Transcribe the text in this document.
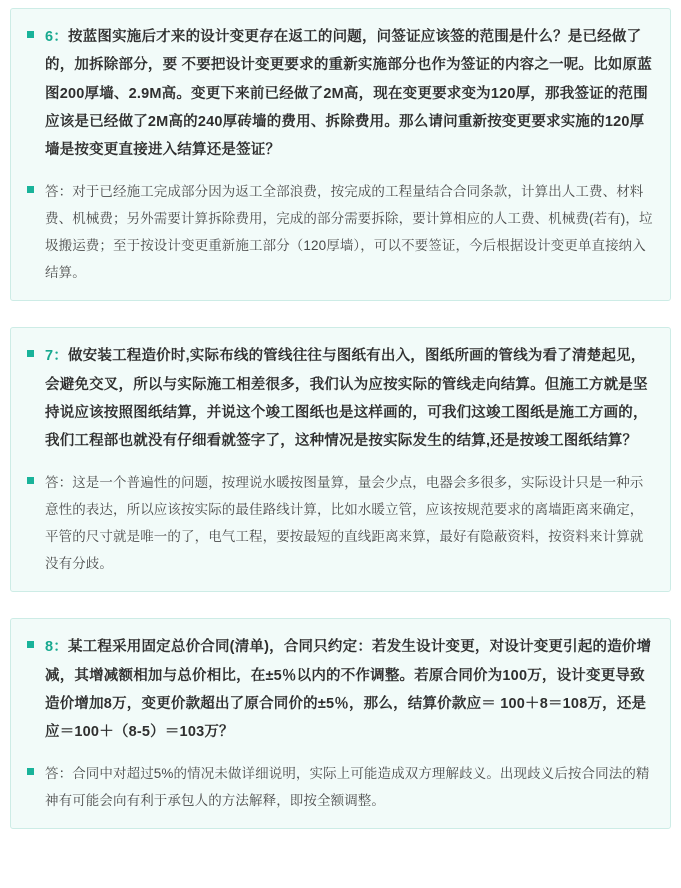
6：按蓝图实施后才来的设计变更存在返工的问题，问签证应该签的范围是什么？是已经做了的，加拆除部分，要 不要把设计变更要求的重新实施部分也作为签证的内容之一呢。比如原蓝图200厚墙、2.9M高。变更下来前已经做了2M高，现在变更要求变为120厚，那我签证的范围应该是已经做了2M高的240厚砖墙的费用、拆除费用。那么请问重新按变更要求实施的120厚墙是按变更直接进入结算还是签证？
答：对于已经施工完成部分因为返工全部浪费，按完成的工程量结合合同条款，计算出人工费、材料费、机械费；另外需要计算拆除费用，完成的部分需要拆除，要计算相应的人工费、机械费(若有)，垃圾搬运费；至于按设计变更重新施工部分（120厚墙），可以不要签证，今后根据设计变更单直接纳入结算。
7：做安装工程造价时,实际布线的管线往往与图纸有出入，图纸所画的管线为看了清楚起见，会避免交叉，所以与实际施工相差很多，我们认为应按实际的管线走向结算。但施工方就是坚持说应该按照图纸结算，并说这个竣工图纸也是这样画的，可我们这竣工图纸是施工方画的，我们工程部也就没有仔细看就签字了，这种情况是按实际发生的结算,还是按竣工图纸结算？
答：这是一个普遍性的问题，按理说水暖按图量算，量会少点，电器会多很多，实际设计只是一种示意性的表达，所以应该按实际的最佳路线计算，比如水暖立管，应该按规范要求的离墙距离来确定，平管的尺寸就是唯一的了，电气工程，要按最短的直线距离来算，最好有隐蔽资料，按资料来计算就没有分歧。
8：某工程采用固定总价合同(清单)，合同只约定：若发生设计变更，对设计变更引起的造价增减，其增减额相加与总价相比，在±5％以内的不作调整。若原合同价为100万，设计变更导致造价增加8万，变更价款超出了原合同价的±5％，那么，结算价款应＝ 100＋8＝108万，还是应＝100＋（8-5）＝103万？
答：合同中对超过5%的情况未做详细说明，实际上可能造成双方理解歧义。出现歧义后按合同法的精神有可能会向有利于承包人的方法解释，即按全额调整。
